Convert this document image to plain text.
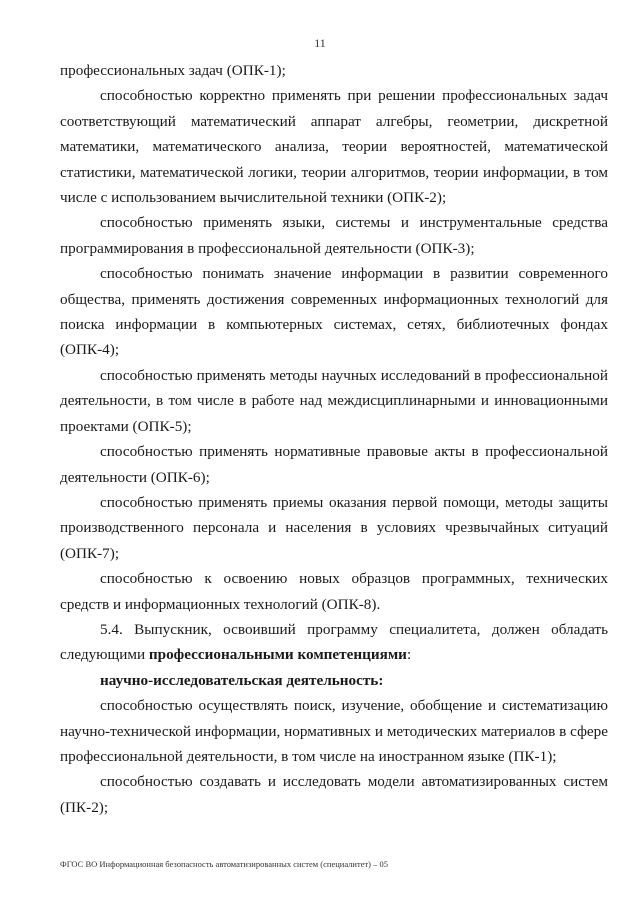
11

профессиональных задач (ОПК-1);

способностью корректно применять при решении профессиональных задач соответствующий математический аппарат алгебры, геометрии, дискретной математики, математического анализа, теории вероятностей, математической статистики, математической логики, теории алгоритмов, теории информации, в том числе с использованием вычислительной техники (ОПК-2);

способностью применять языки, системы и инструментальные средства программирования в профессиональной деятельности (ОПК-3);

способностью понимать значение информации в развитии современного общества, применять достижения современных информационных технологий для поиска информации в компьютерных системах, сетях, библиотечных фондах (ОПК-4);

способностью применять методы научных исследований в профессиональной деятельности, в том числе в работе над междисциплинарными и инновационными проектами (ОПК-5);

способностью применять нормативные правовые акты в профессиональной деятельности (ОПК-6);

способностью применять приемы оказания первой помощи, методы защиты производственного персонала и населения в условиях чрезвычайных ситуаций (ОПК-7);

способностью к освоению новых образцов программных, технических средств и информационных технологий (ОПК-8).

5.4. Выпускник, освоивший программу специалитета, должен обладать следующими профессиональными компетенциями:

научно-исследовательская деятельность:

способностью осуществлять поиск, изучение, обобщение и систематизацию научно-технической информации, нормативных и методических материалов в сфере профессиональной деятельности, в том числе на иностранном языке (ПК-1);

способностью создавать и исследовать модели автоматизированных систем (ПК-2);

ФГОС ВО Информационная безопасность автоматизированных систем (специалитет) – 05
